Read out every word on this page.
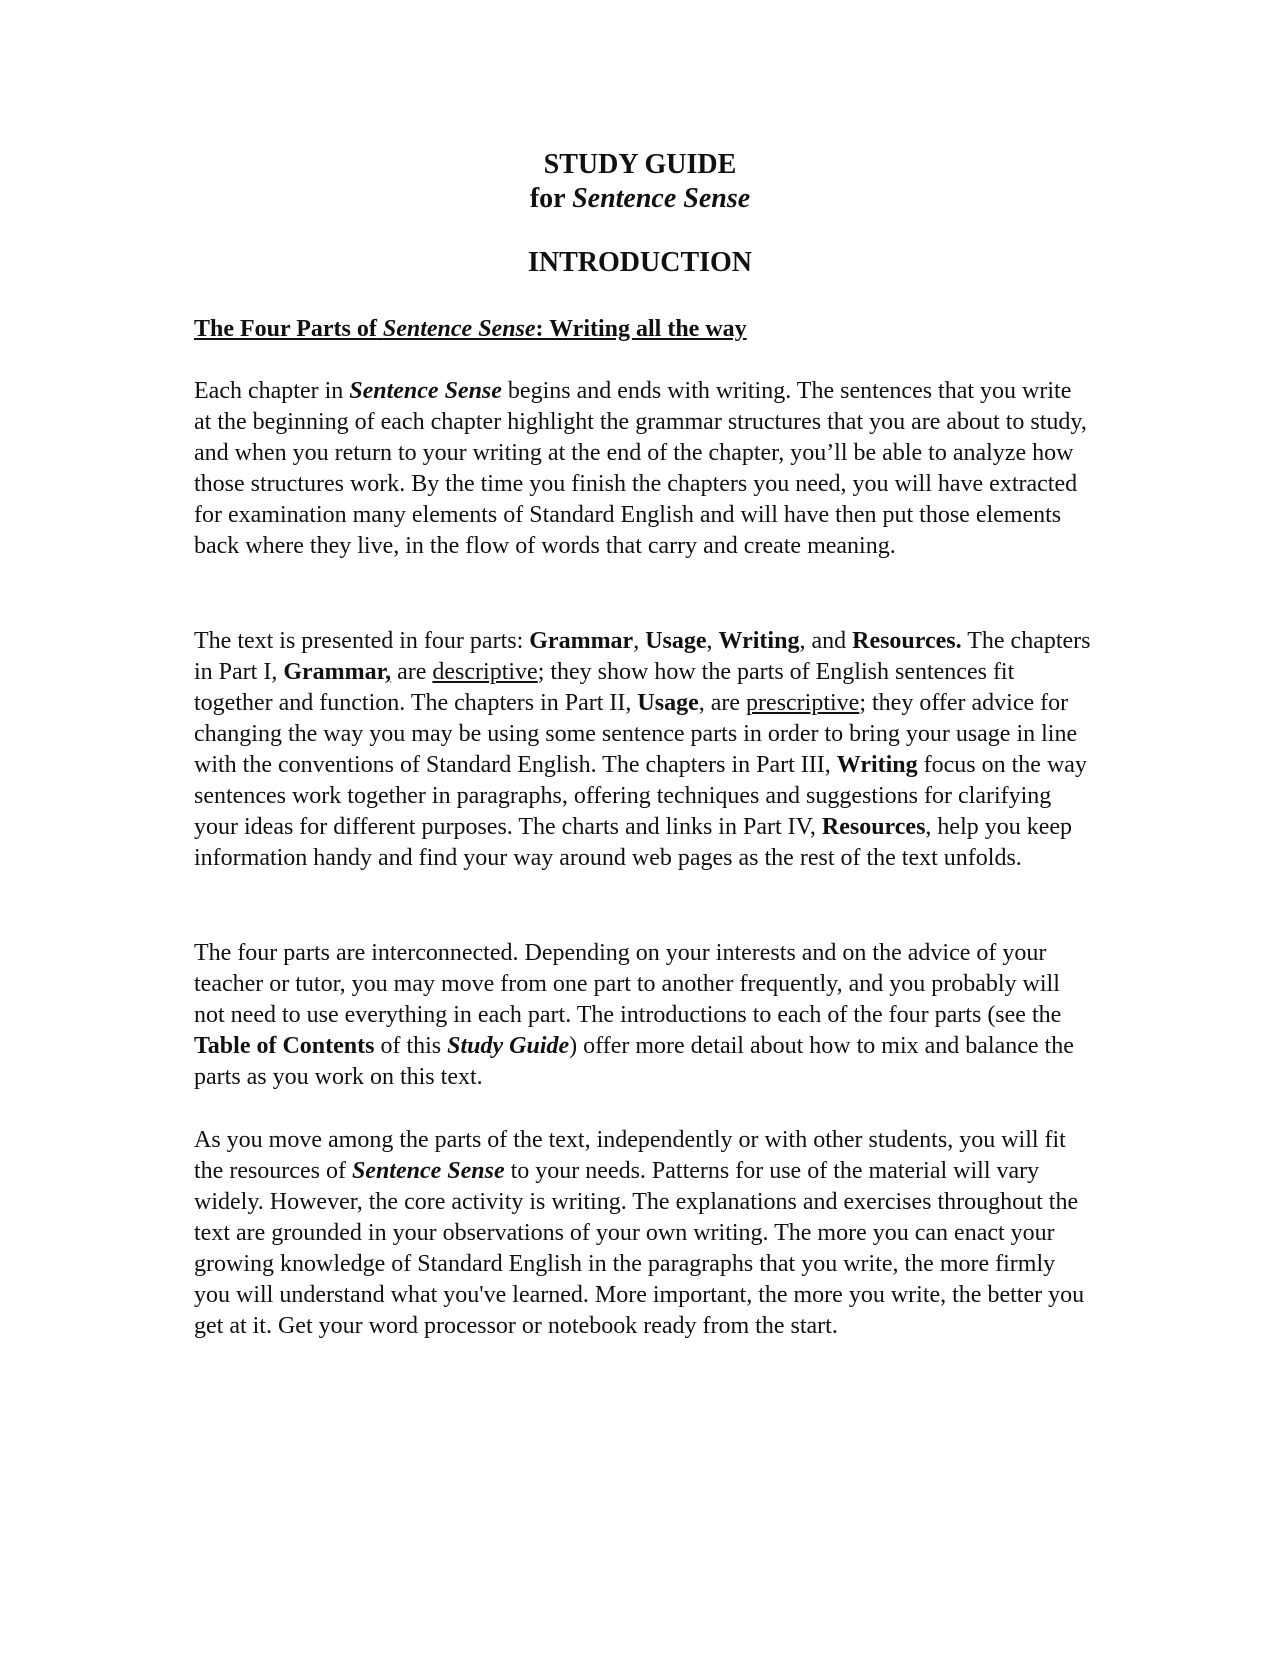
STUDY GUIDE
for Sentence Sense
INTRODUCTION
The Four Parts of Sentence Sense: Writing all the way

Each chapter in Sentence Sense begins and ends with writing. The sentences that you write at the beginning of each chapter highlight the grammar structures that you are about to study, and when you return to your writing at the end of the chapter, you’ll be able to analyze how those structures work. By the time you finish the chapters you need, you will have extracted for examination many elements of Standard English and will have then put those elements back where they live, in the flow of words that carry and create meaning.

The text is presented in four parts: Grammar, Usage, Writing, and Resources. The chapters in Part I, Grammar, are descriptive; they show how the parts of English sentences fit together and function. The chapters in Part II, Usage, are prescriptive; they offer advice for changing the way you may be using some sentence parts in order to bring your usage in line with the conventions of Standard English. The chapters in Part III, Writing focus on the way sentences work together in paragraphs, offering techniques and suggestions for clarifying your ideas for different purposes. The charts and links in Part IV, Resources, help you keep information handy and find your way around web pages as the rest of the text unfolds.

The four parts are interconnected. Depending on your interests and on the advice of your teacher or tutor, you may move from one part to another frequently, and you probably will not need to use everything in each part. The introductions to each of the four parts (see the Table of Contents of this Study Guide) offer more detail about how to mix and balance the parts as you work on this text.

As you move among the parts of the text, independently or with other students, you will fit the resources of Sentence Sense to your needs. Patterns for use of the material will vary widely. However, the core activity is writing. The explanations and exercises throughout the text are grounded in your observations of your own writing. The more you can enact your growing knowledge of Standard English in the paragraphs that you write, the more firmly you will understand what you've learned. More important, the more you write, the better you get at it. Get your word processor or notebook ready from the start.
